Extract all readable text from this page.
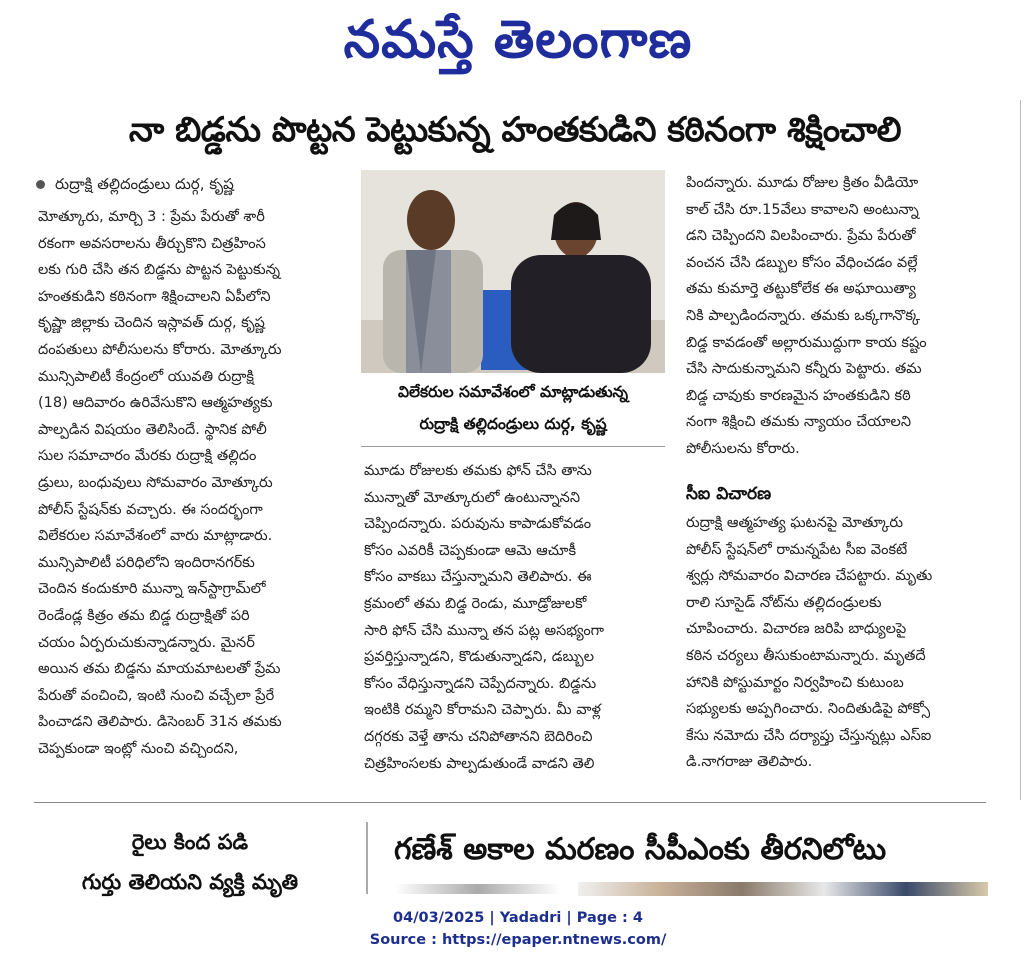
నమస్తే తెలంగాణ
నా బిడ్డను పొట్టన పెట్టుకున్న హంతకుడిని కఠినంగా శిక్షించాలి
రుద్రాక్షి తల్లిదండ్రులు దుర్గ, కృష్ణ

మోత్కూరు, మార్చి 3 : ప్రేమ పేరుతో శారీ

రకంగా అవసరాలను తీర్చుకొని చిత్రహింస

లకు గురి చేసి తన బిడ్డను పొట్టన పెట్టుకున్న

హంతకుడిని కఠినంగా శిక్షించాలని ఏపీలోని

కృష్ణా జిల్లాకు చెందిన ఇస్లావత్ దుర్గ, కృష్ణ

దంపతులు పోలీసులను కోరారు. మోత్కూరు

మున్సిపాలిటీ కేంద్రంలో యువతి రుద్రాక్షి

(18) ఆదివారం ఉరివేసుకొని ఆత్మహత్యకు

పాల్పడిన విషయం తెలిసిందే. స్థానిక పోలీ

సుల సమాచారం మేరకు రుద్రాక్షి తల్లిదం

డ్రులు, బంధువులు సోమవారం మోత్కూరు

పోలీస్ స్టేషన్‌కు వచ్చారు. ఈ సందర్భంగా

విలేకరుల సమావేశంలో వారు మాట్లాడారు.

మున్సిపాలిటీ పరిధిలోని ఇందిరానగర్‌కు

చెందిన కందుకూరి మున్నా ఇన్‌స్టాగ్రామ్‌లో

రెండేండ్ల కిత్రం తమ బిడ్డ రుద్రాక్షితో పరి

చయం ఏర్పరుచుకున్నాడన్నారు. మైనర్

అయిన తమ బిడ్డను మాయమాటలతో ప్రేమ

పేరుతో వంచించి, ఇంటి నుంచి వచ్చేలా ప్రేరే

పించాడని తెలిపారు. డిసెంబర్ 31న తమకు

చెప్పకుండా ఇంట్లో నుంచి వచ్చిందని,

విలేకరుల సమావేశంలో మాట్లాడుతున్న
రుద్రాక్షి తల్లిదండ్రులు దుర్గ, కృష్ణ

మూడు రోజులకు తమకు ఫోన్ చేసి తాను

మున్నాతో మోత్కూరులో ఉంటున్నానని

చెప్పిందన్నారు. పరువును కాపాడుకోవడం

కోసం ఎవరికీ చెప్పకుండా ఆమె ఆచూకీ

కోసం వాకబు చేస్తున్నామని తెలిపారు. ఈ

క్రమంలో తమ బిడ్డ రెండు, మూడ్రోజులకో

సారి ఫోన్ చేసి మున్నా తన పట్ల అసభ్యంగా

ప్రవర్తిస్తున్నాడని, కొడుతున్నాడని, డబ్బుల

కోసం వేధిస్తున్నాడని చెప్పేదన్నారు. బిడ్డను

ఇంటికి రమ్మని కోరామని చెప్పారు. మీ వాళ్ల

దగ్గరకు వెళ్తే తాను చనిపోతానని బెదిరించి

చిత్రహింసలకు పాల్పడుతుండే వాడని తెలి

పిందన్నారు. మూడు రోజుల క్రితం వీడియో

కాల్ చేసి రూ.15వేలు కావాలని అంటున్నా

డని చెప్పిందని విలపించారు. ప్రేమ పేరుతో

వంచన చేసి డబ్బుల కోసం వేధించడం వల్లే

తమ కుమార్తె తట్టుకోలేక ఈ అఘాయిత్యా

నికి పాల్పడిందన్నారు. తమకు ఒక్కగానొక్క

బిడ్డ కావడంతో అల్లారుముద్దుగా కాయ కష్టం

చేసి సాదుకున్నామని కన్నీరు పెట్టారు. తమ

బిడ్డ చావుకు కారణమైన హంతకుడిని కఠి

నంగా శిక్షించి తమకు న్యాయం చేయాలని

పోలీసులను కోరారు.

సీఐ విచారణ

రుద్రాక్షి ఆత్మహత్య ఘటనపై మోత్కూరు

పోలీస్ స్టేషన్‌లో రామన్నపేట సీఐ వెంకటే

శ్వర్లు సోమవారం విచారణ చేపట్టారు. మృతు

రాలి సూసైడ్ నోట్‌ను తల్లిదండ్రులకు

చూపించారు. విచారణ జరిపి బాధ్యులపై

కఠిన చర్యలు తీసుకుంటామన్నారు. మృతదే

హానికి పోస్టుమార్టం నిర్వహించి కుటుంబ

సభ్యులకు అప్పగించారు. నిందితుడిపై పోక్సో

కేసు నమోదు చేసి దర్యాప్తు చేస్తున్నట్లు ఎస్ఐ

డి.నాగరాజు తెలిపారు.

రైలు కింద పడి
గుర్తు తెలియని వ్యక్తి మృతి
గణేశ్ అకాల మరణం సీపీఎంకు తీరనిలోటు
04/03/2025 | Yadadri | Page : 4
Source : https://epaper.ntnews.com/
